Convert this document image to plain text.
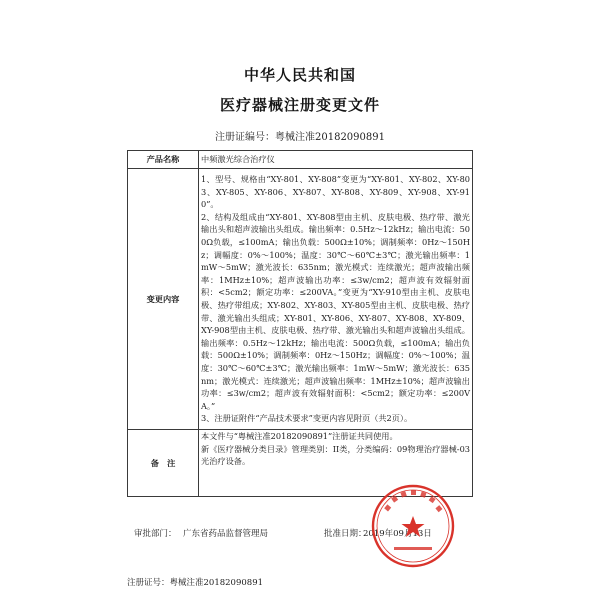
中华人民共和国
医疗器械注册变更文件
注册证编号：粤械注准20182090891
产品名称	中频激光综合治疗仪
变更内容	1、型号、规格由“XY-801、XY-808”变更为“XY-801、XY-802、XY-803、XY-805、XY-806、XY-807、XY-808、XY-809、XY-908、XY-910”。

2、结构及组成由“XY-801、XY-808型由主机、皮肤电极、热疗带、激光输出头和超声波输出头组成。输出频率：0.5Hz～12kHz；输出电流：500Ω负载，≤100mA；输出负载：500Ω±10%；调制频率：0Hz～150Hz；调幅度：0%～100%；温度：30℃～60℃±3℃；激光输出频率：1mW～5mW；激光波长：635nm；激光模式：连续激光；超声波输出频率：1MHz±10%；超声波输出功率：≤3w/cm2；超声波有效辐射面积：<5cm2；额定功率：≤200VA。”变更为“XY-910型由主机、皮肤电极、热疗带组成；XY-802、XY-803、XY-805型由主机、皮肤电极、热疗带、激光输出头组成；XY-801、XY-806、XY-807、XY-808、XY-809、XY-908型由主机、皮肤电极、热疗带、激光输出头和超声波输出头组成。输出频率：0.5Hz～12kHz；输出电流：500Ω负载，≤100mA；输出负载：500Ω±10%；调制频率：0Hz～150Hz；调幅度：0%～100%；温度：30℃～60℃±3℃；激光输出频率：1mW～5mW；激光波长：635nm；激光模式：连续激光；超声波输出频率：1MHz±10%；超声波输出功率：≤3w/cm2；超声波有效辐射面积：<5cm2；额定功率：≤200VA。”

3、注册证附件“产品技术要求”变更内容见附页（共2页）。

备　注	本文件与“粤械注准20182090891”注册证共同使用。

新《医疗器械分类目录》管理类别：II类，分类编码：09物理治疗器械-03光治疗设备。

审批部门： 广东省药品监督管理局	批准日期：
2019年09月13日
注册证号：粤械注准20182090891
